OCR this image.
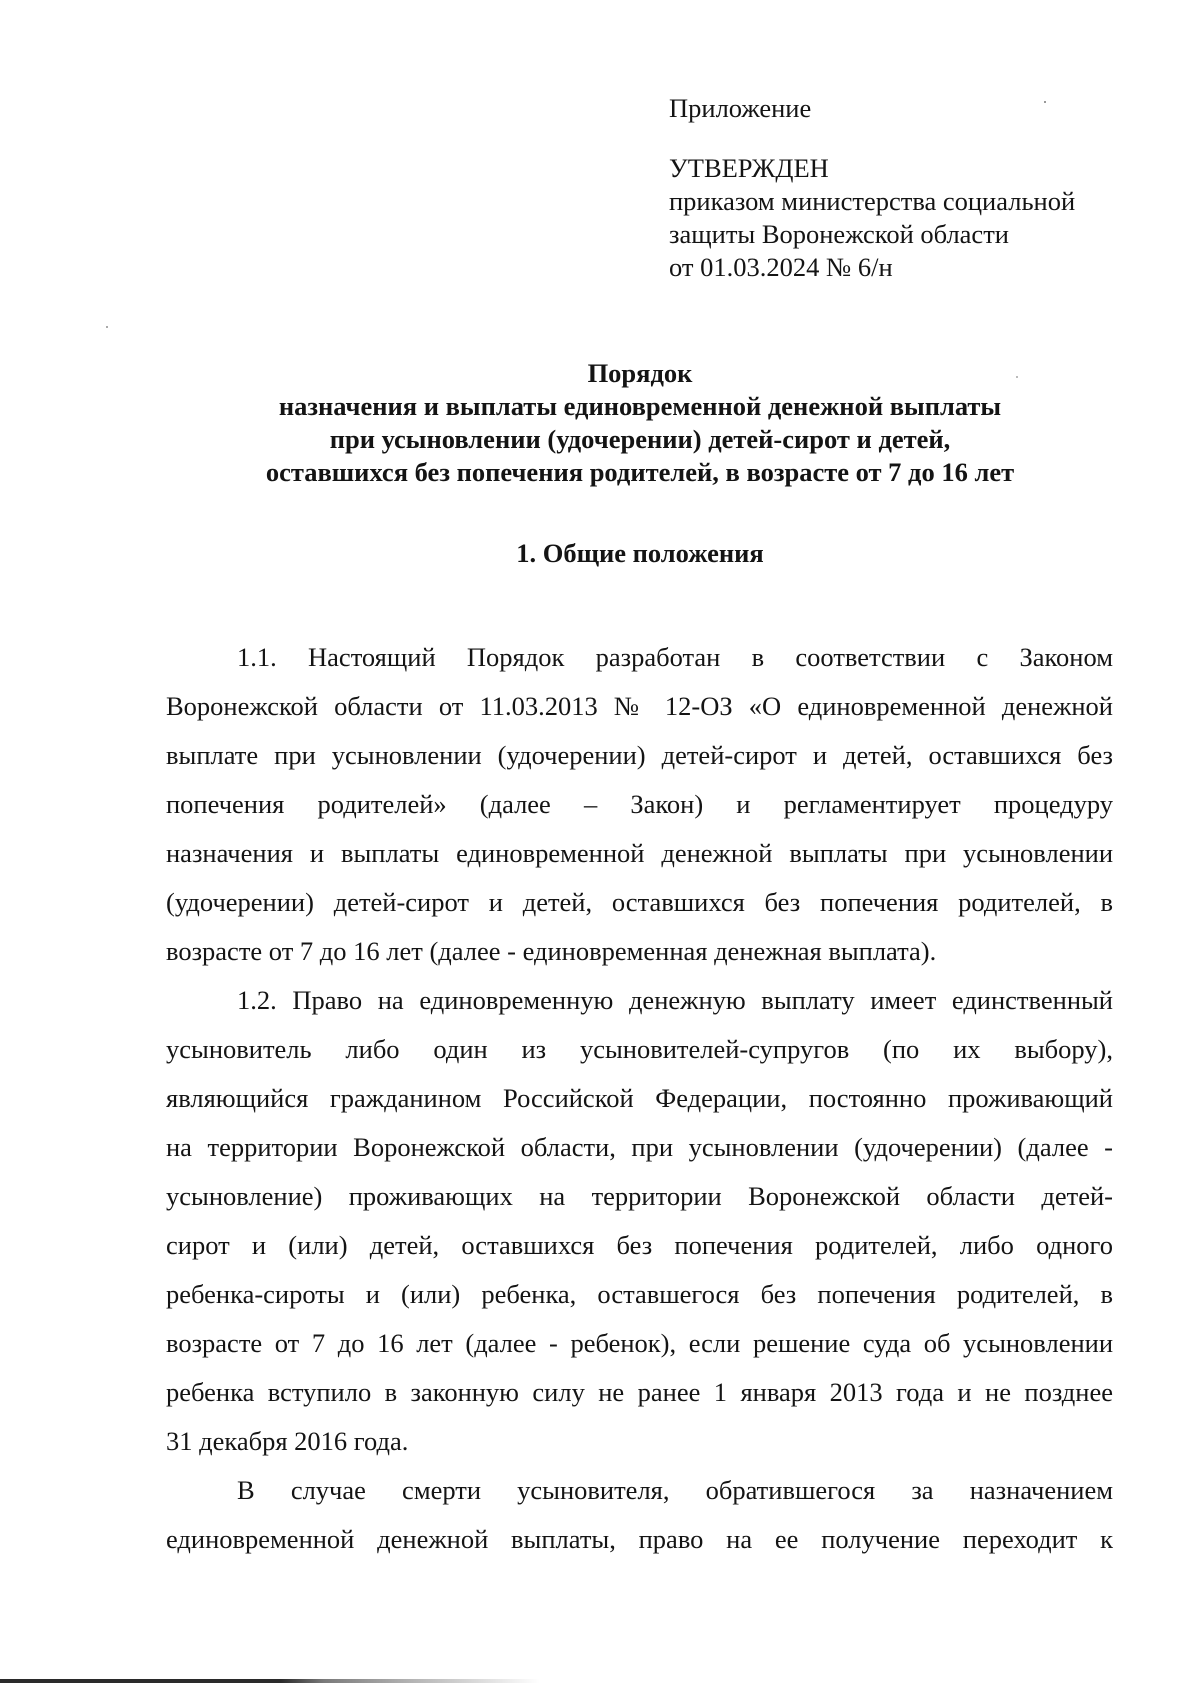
Приложение
УТВЕРЖДЕН
приказом министерства социальной
защиты Воронежской области
от 01.03.2024 № 6/н
Порядок
назначения и выплаты единовременной денежной выплаты
при усыновлении (удочерении) детей-сирот и детей,
оставшихся без попечения родителей, в возрасте от 7 до 16 лет
1. Общие положения
1.1. Настоящий Порядок разработан в соответствии с Законом
Воронежской области от 11.03.2013 № 12-ОЗ «О единовременной денежной
выплате при усыновлении (удочерении) детей-сирот и детей, оставшихся без
попечения родителей» (далее – Закон) и регламентирует процедуру
назначения и выплаты единовременной денежной выплаты при усыновлении
(удочерении) детей-сирот и детей, оставшихся без попечения родителей, в
возрасте от 7 до 16 лет (далее - единовременная денежная выплата).
1.2. Право на единовременную денежную выплату имеет единственный
усыновитель либо один из усыновителей-супругов (по их выбору),
являющийся гражданином Российской Федерации, постоянно проживающий
на территории Воронежской области, при усыновлении (удочерении) (далее -
усыновление) проживающих на территории Воронежской области детей-
сирот и (или) детей, оставшихся без попечения родителей, либо одного
ребенка-сироты и (или) ребенка, оставшегося без попечения родителей, в
возрасте от 7 до 16 лет (далее - ребенок), если решение суда об усыновлении
ребенка вступило в законную силу не ранее 1 января 2013 года и не позднее
31 декабря 2016 года.
В случае смерти усыновителя, обратившегося за назначением
единовременной денежной выплаты, право на ее получение переходит к
